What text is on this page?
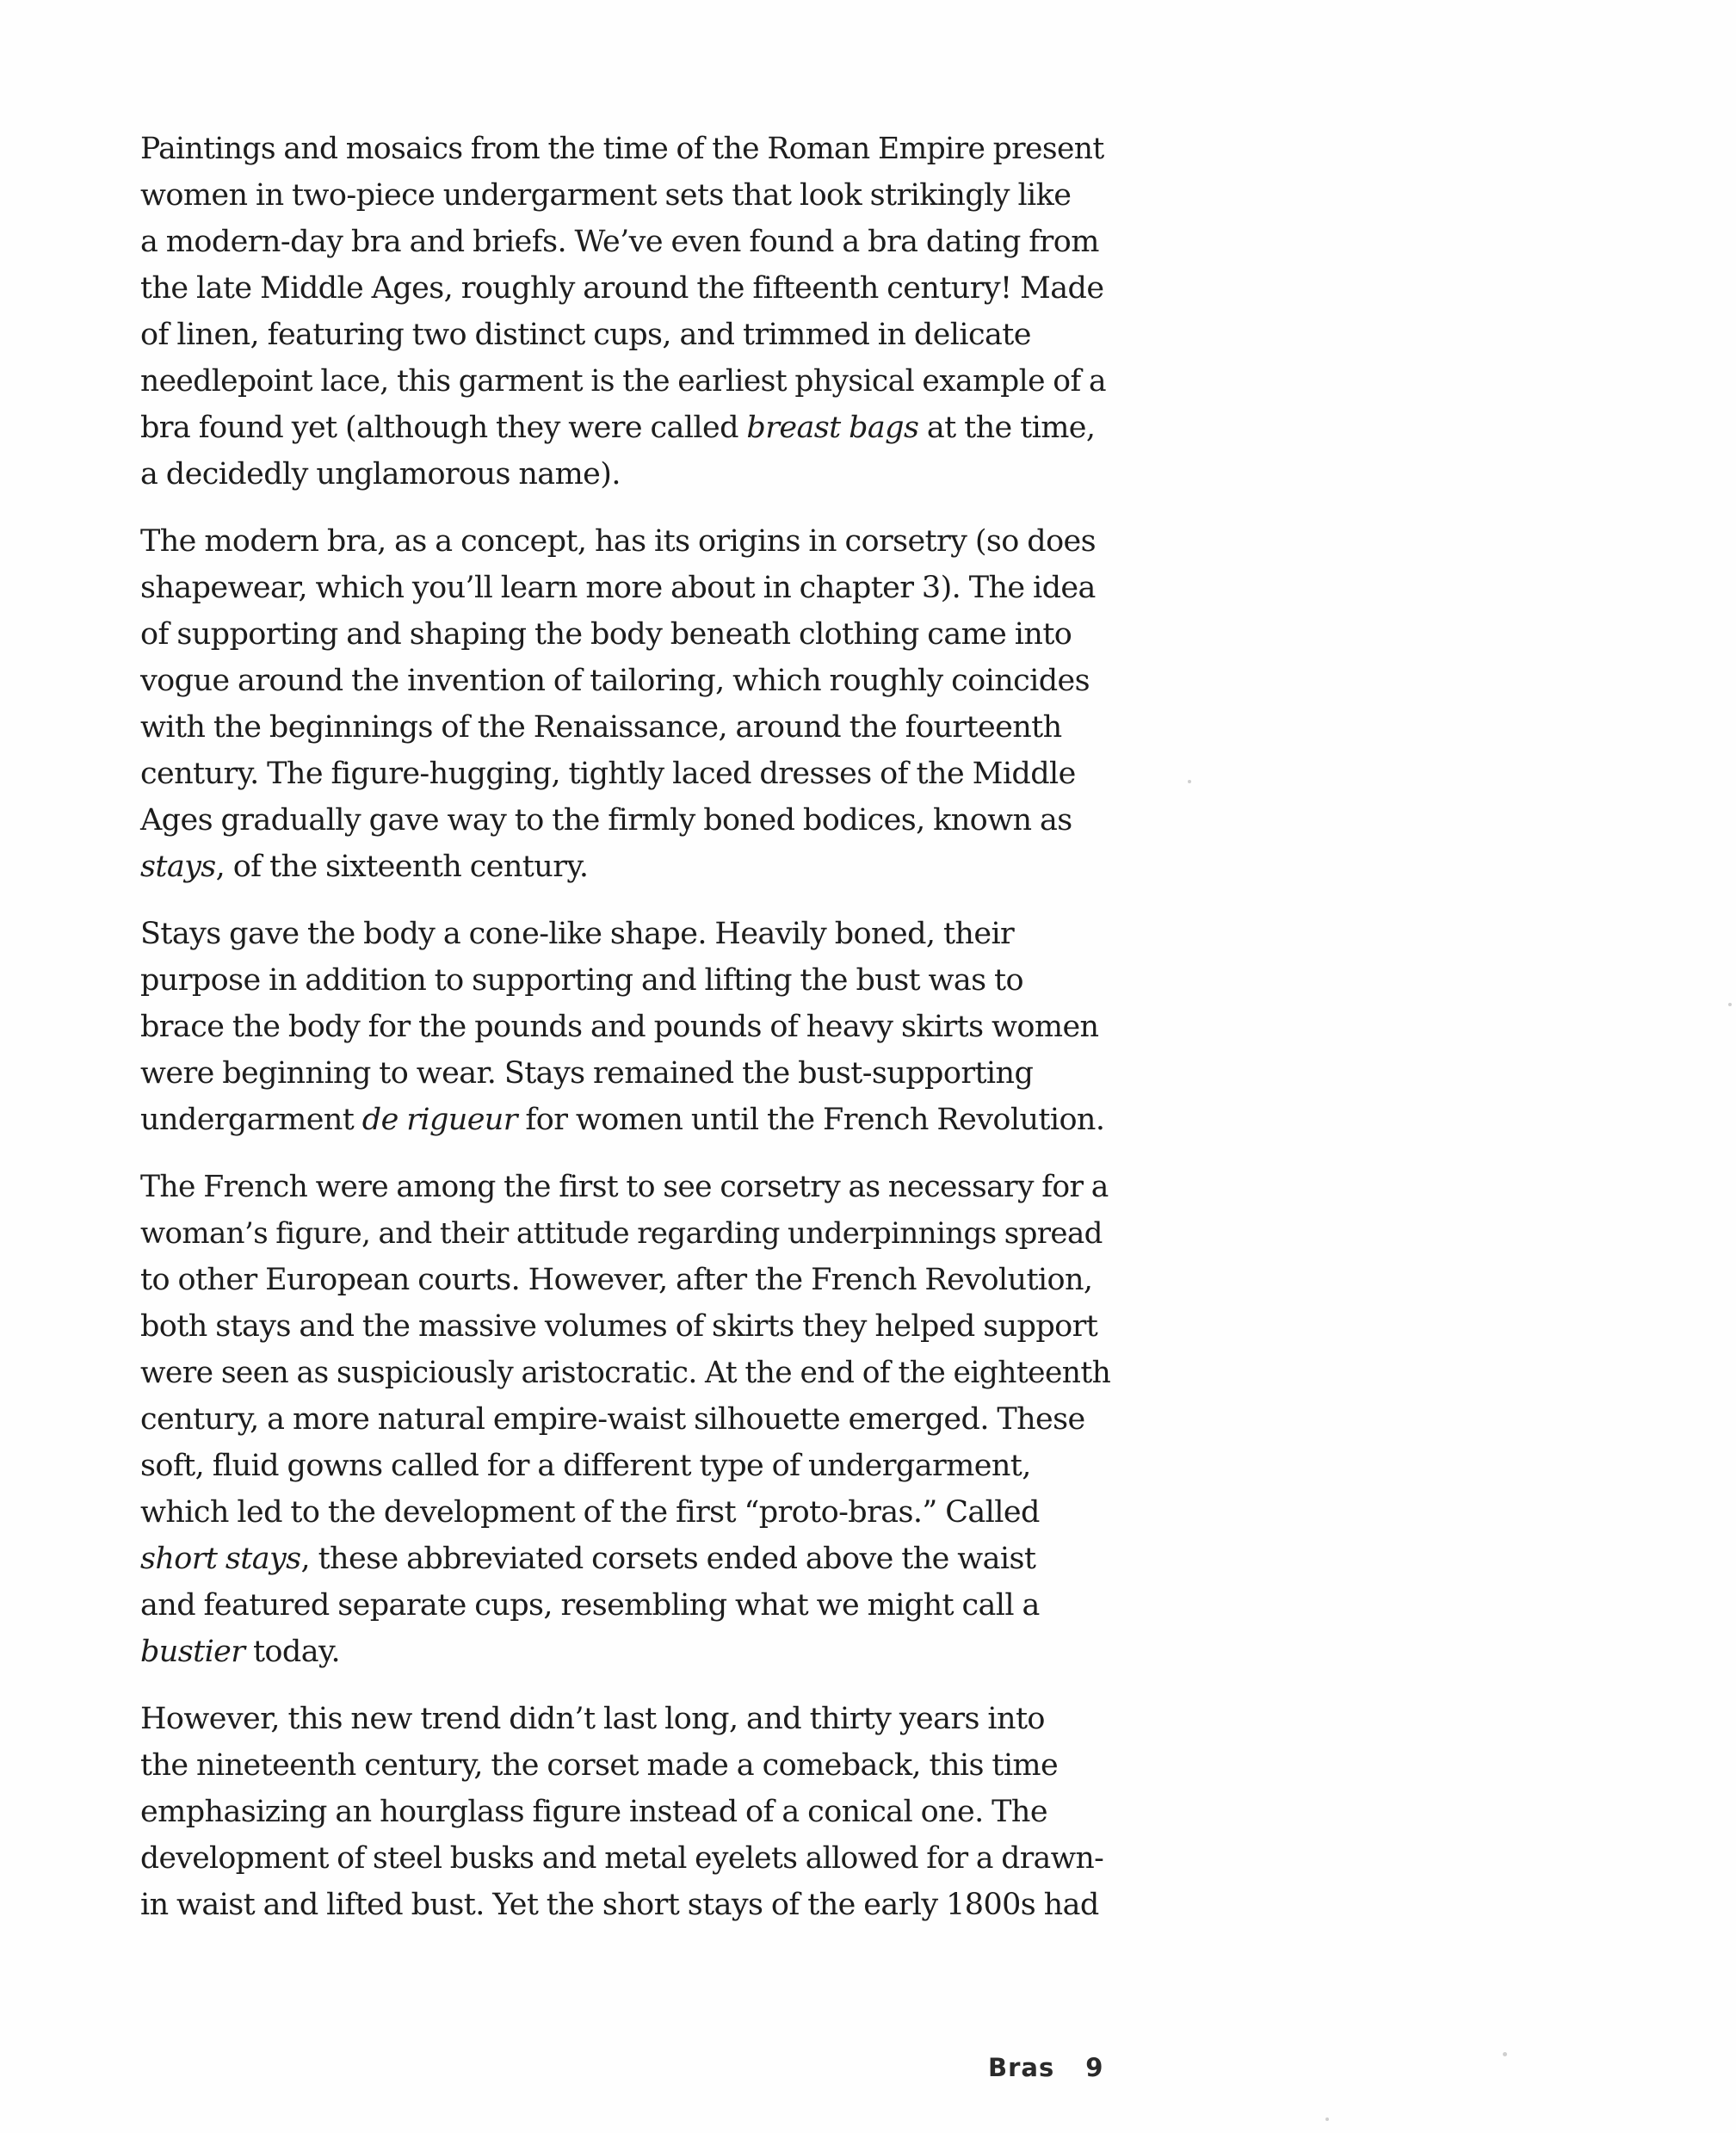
Paintings and mosaics from the time of the Roman Empire present
women in two-piece undergarment sets that look strikingly like
a modern-day bra and briefs. We’ve even found a bra dating from
the late Middle Ages, roughly around the fifteenth century! Made
of linen, featuring two distinct cups, and trimmed in delicate
needlepoint lace, this garment is the earliest physical example of a
bra found yet (although they were called breast bags at the time,
a decidedly unglamorous name).

The modern bra, as a concept, has its origins in corsetry (so does
shapewear, which you’ll learn more about in chapter 3). The idea
of supporting and shaping the body beneath clothing came into
vogue around the invention of tailoring, which roughly coincides
with the beginnings of the Renaissance, around the fourteenth
century. The figure-hugging, tightly laced dresses of the Middle
Ages gradually gave way to the firmly boned bodices, known as
stays, of the sixteenth century.

Stays gave the body a cone-like shape. Heavily boned, their
purpose in addition to supporting and lifting the bust was to
brace the body for the pounds and pounds of heavy skirts women
were beginning to wear. Stays remained the bust-supporting
undergarment de rigueur for women until the French Revolution.

The French were among the first to see corsetry as necessary for a
woman’s figure, and their attitude regarding underpinnings spread
to other European courts. However, after the French Revolution,
both stays and the massive volumes of skirts they helped support
were seen as suspiciously aristocratic. At the end of the eighteenth
century, a more natural empire-waist silhouette emerged. These
soft, fluid gowns called for a different type of undergarment,
which led to the development of the first “proto-bras.” Called
short stays, these abbreviated corsets ended above the waist
and featured separate cups, resembling what we might call a
bustier today.

However, this new trend didn’t last long, and thirty years into
the nineteenth century, the corset made a comeback, this time
emphasizing an hourglass figure instead of a conical one. The
development of steel busks and metal eyelets allowed for a drawn-
in waist and lifted bust. Yet the short stays of the early 1800s had

Bras 9
